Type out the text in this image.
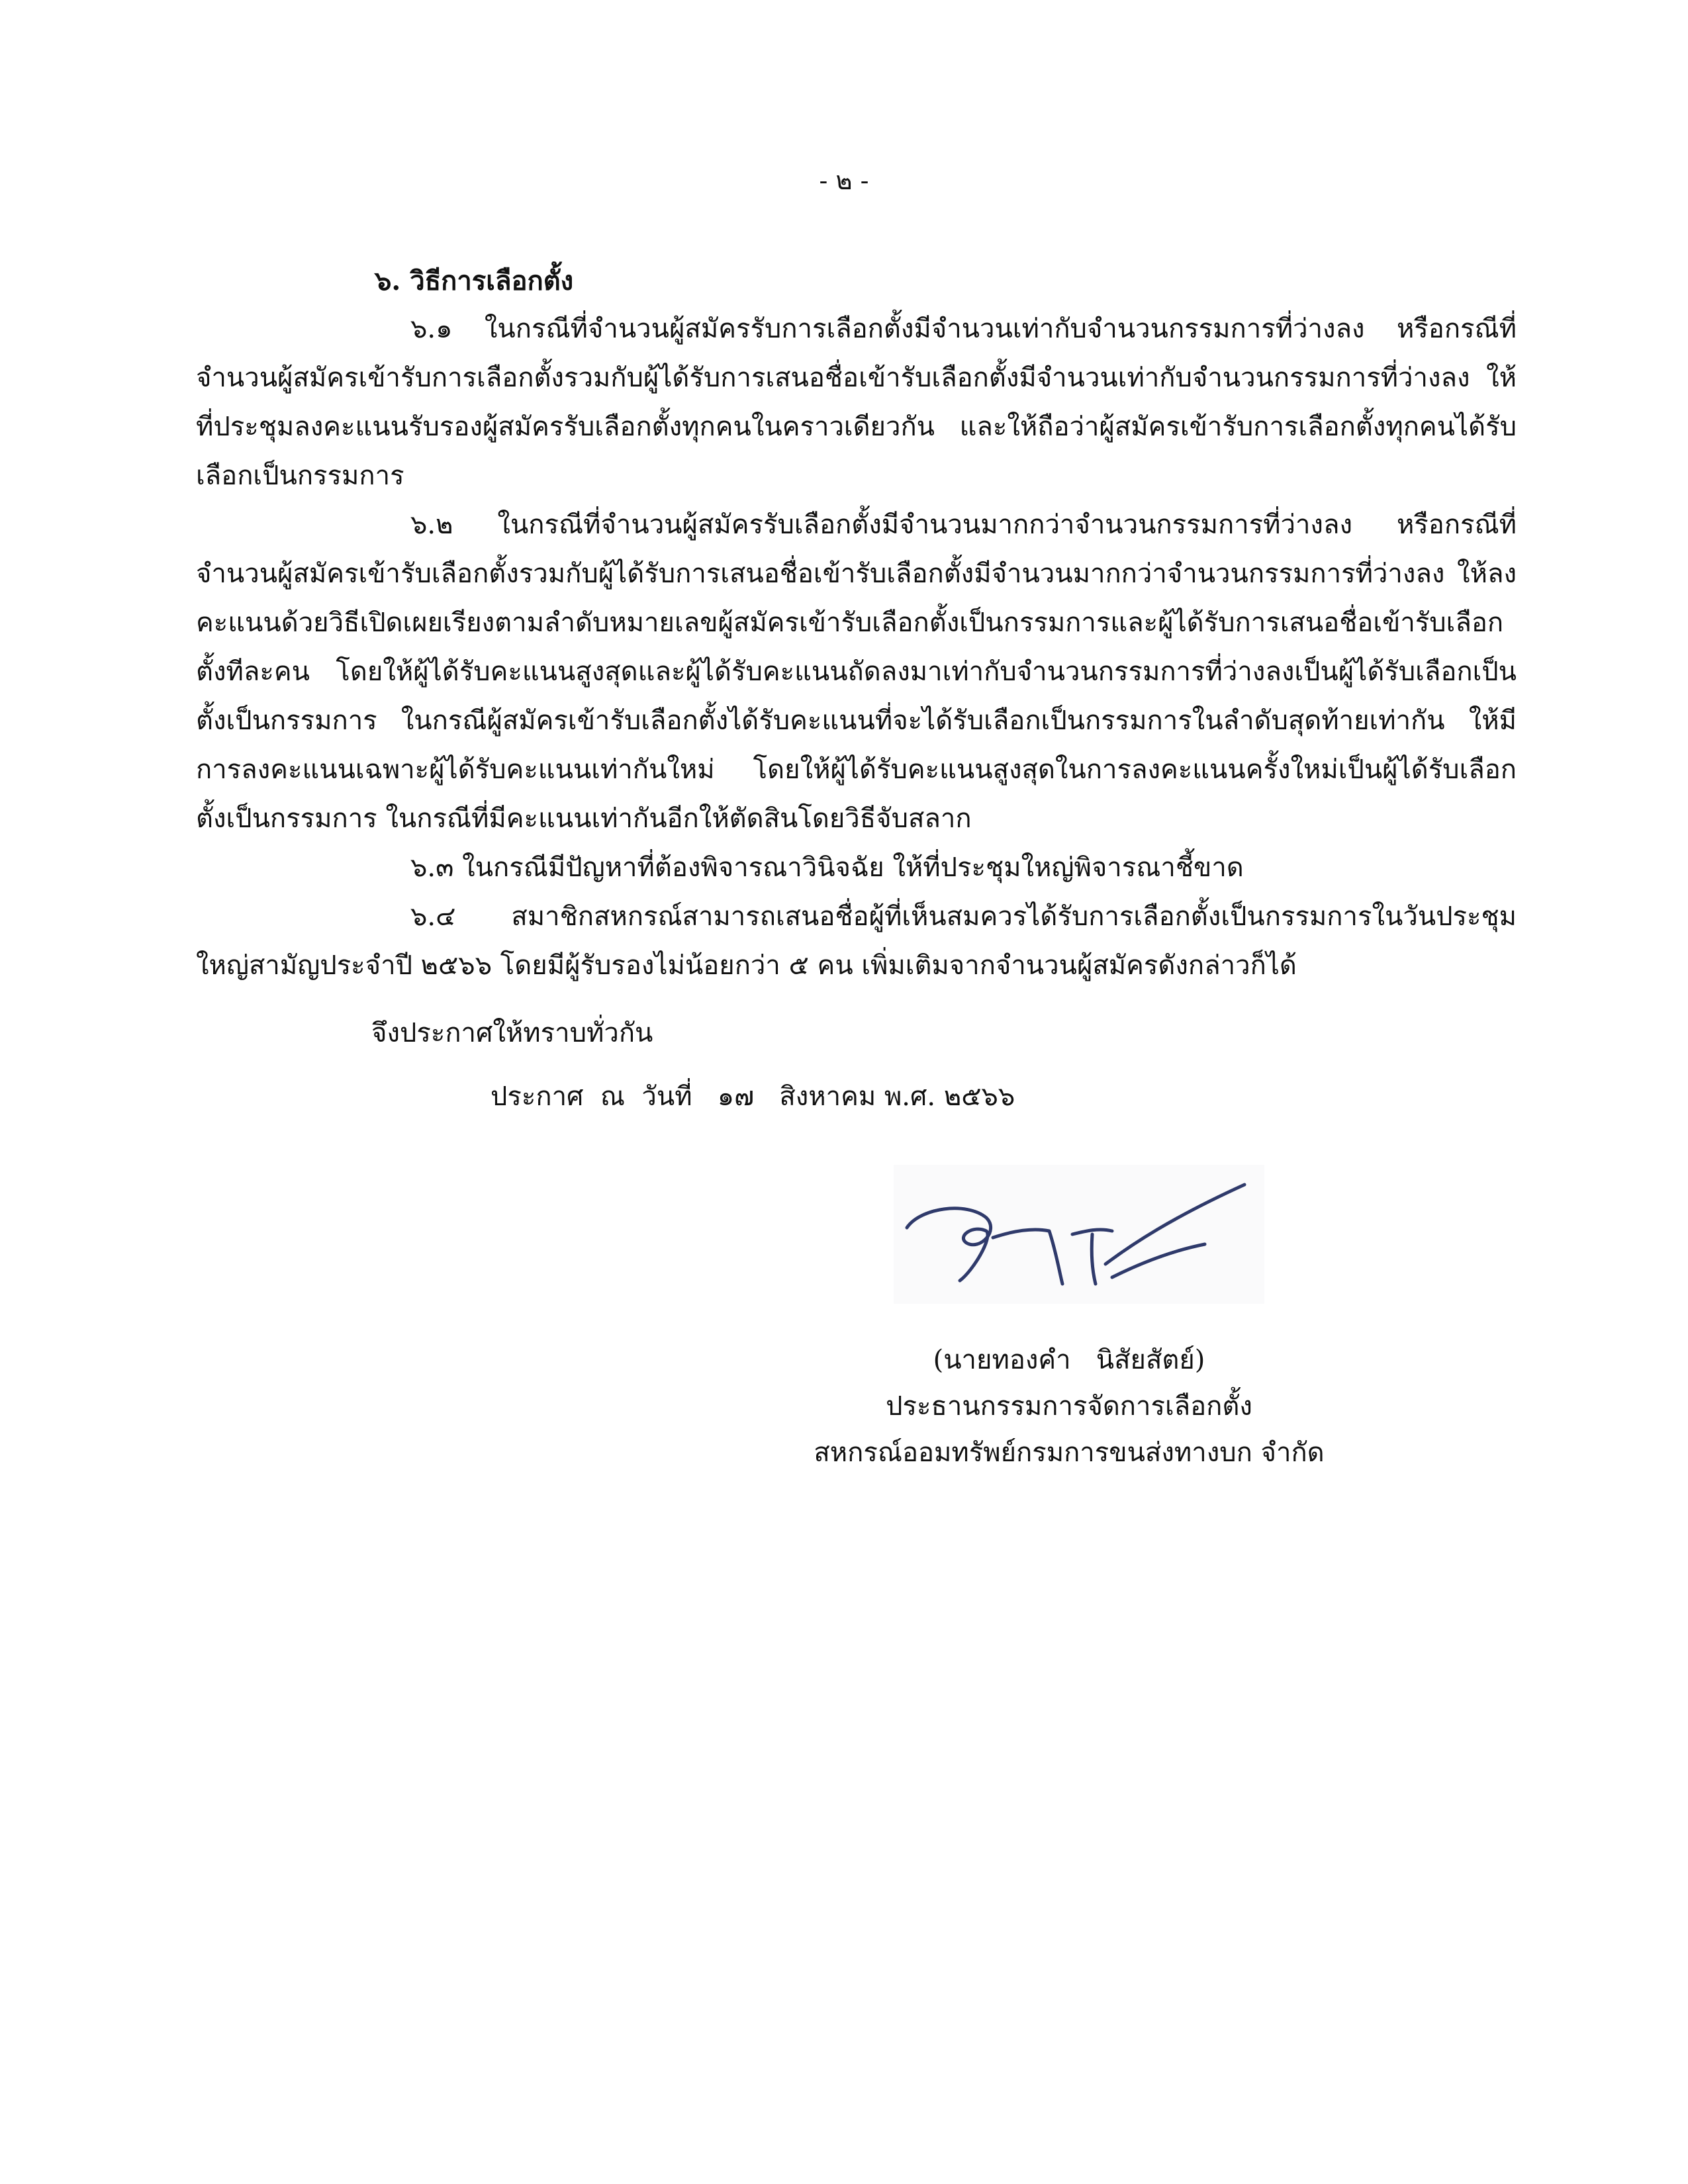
- ๒ -
๖. วิธีการเลือกตั้ง

๖.๑ ในกรณีที่จำนวนผู้สมัครรับการเลือกตั้งมีจำนวนเท่ากับจำนวนกรรมการที่ว่างลง หรือกรณีที่จำนวนผู้สมัครเข้ารับการเลือกตั้งรวมกับผู้ได้รับการเสนอชื่อเข้ารับเลือกตั้งมีจำนวนเท่ากับจำนวนกรรมการที่ว่างลง ให้ที่ประชุมลงคะแนนรับรองผู้สมัครรับเลือกตั้งทุกคนในคราวเดียวกัน และให้ถือว่าผู้สมัครเข้ารับการเลือกตั้งทุกคนได้รับเลือกเป็นกรรมการ

๖.๒ ในกรณีที่จำนวนผู้สมัครรับเลือกตั้งมีจำนวนมากกว่าจำนวนกรรมการที่ว่างลง หรือกรณีที่จำนวนผู้สมัครเข้ารับเลือกตั้งรวมกับผู้ได้รับการเสนอชื่อเข้ารับเลือกตั้งมีจำนวนมากกว่าจำนวนกรรมการที่ว่างลง ให้ลงคะแนนด้วยวิธีเปิดเผยเรียงตามลำดับหมายเลขผู้สมัครเข้ารับเลือกตั้งเป็นกรรมการและผู้ได้รับการเสนอชื่อเข้ารับเลือกตั้งทีละคน โดยให้ผู้ได้รับคะแนนสูงสุดและผู้ได้รับคะแนนถัดลงมาเท่ากับจำนวนกรรมการที่ว่างลงเป็นผู้ได้รับเลือกเป็นตั้งเป็นกรรมการ ในกรณีผู้สมัครเข้ารับเลือกตั้งได้รับคะแนนที่จะได้รับเลือกเป็นกรรมการในลำดับสุดท้ายเท่ากัน ให้มีการลงคะแนนเฉพาะผู้ได้รับคะแนนเท่ากันใหม่ โดยให้ผู้ได้รับคะแนนสูงสุดในการลงคะแนนครั้งใหม่เป็นผู้ได้รับเลือกตั้งเป็นกรรมการ ในกรณีที่มีคะแนนเท่ากันอีกให้ตัดสินโดยวิธีจับสลาก

๖.๓ ในกรณีมีปัญหาที่ต้องพิจารณาวินิจฉัย ให้ที่ประชุมใหญ่พิจารณาชี้ขาด

๖.๔ สมาชิกสหกรณ์สามารถเสนอชื่อผู้ที่เห็นสมควรได้รับการเลือกตั้งเป็นกรรมการในวันประชุมใหญ่สามัญประจำปี ๒๕๖๖ โดยมีผู้รับรองไม่น้อยกว่า ๕ คน เพิ่มเติมจากจำนวนผู้สมัครดังกล่าวก็ได้

จึงประกาศให้ทราบทั่วกัน
ประกาศ  ณ  วันที่   ๑๗   สิงหาคม พ.ศ. ๒๕๖๖
(นายทองคำ   นิสัยสัตย์)
ประธานกรรมการจัดการเลือกตั้ง
สหกรณ์ออมทรัพย์กรมการขนส่งทางบก จำกัด
